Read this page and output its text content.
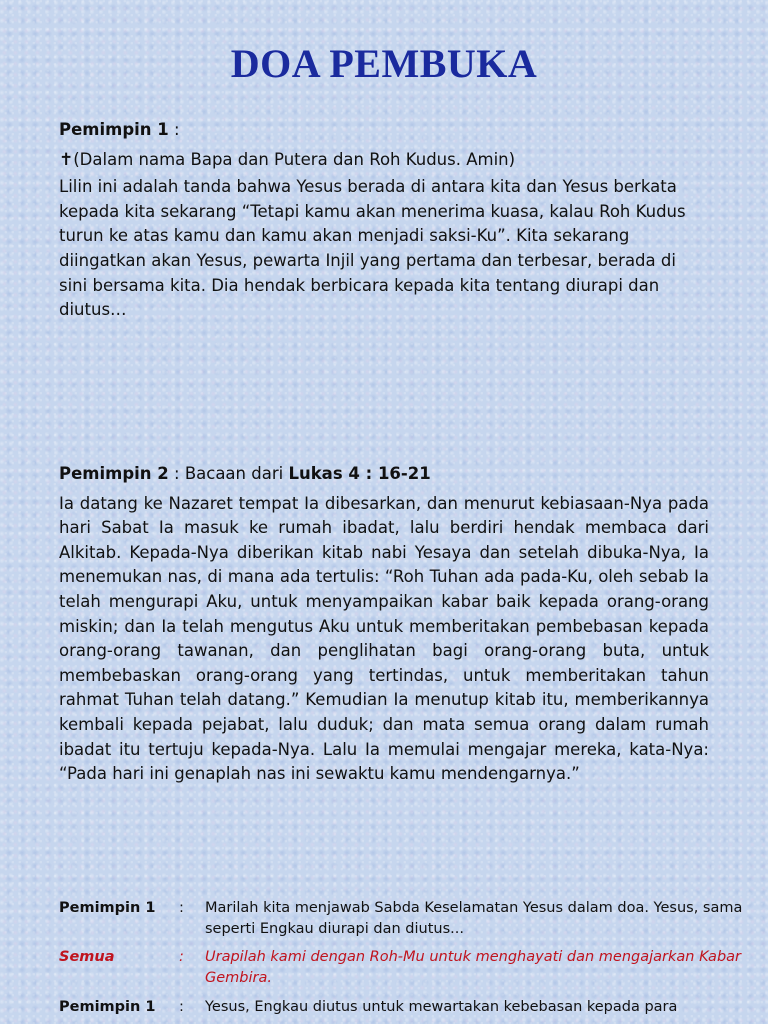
DOA PEMBUKA

Pemimpin 1 :

✝(Dalam nama Bapa dan Putera dan Roh Kudus. Amin)

Lilin ini adalah tanda bahwa Yesus berada di antara kita dan Yesus berkata kepada kita sekarang “Tetapi kamu akan menerima kuasa, kalau Roh Kudus turun ke atas kamu dan kamu akan menjadi saksi-Ku”. Kita sekarang diingatkan akan Yesus, pewarta Injil yang pertama dan terbesar, berada di sini bersama kita. Dia hendak berbicara kepada kita tentang diurapi dan diutus…

Pemimpin 2 : Bacaan dari Lukas 4 : 16-21

Ia datang ke Nazaret tempat Ia dibesarkan, dan menurut kebiasaan-Nya pada hari Sabat Ia masuk ke rumah ibadat, lalu berdiri hendak membaca dari Alkitab. Kepada-Nya diberikan kitab nabi Yesaya dan setelah dibuka-Nya, Ia menemukan nas, di mana ada tertulis: “Roh Tuhan ada pada-Ku, oleh sebab Ia telah mengurapi Aku, untuk menyampaikan kabar baik kepada orang-orang miskin; dan Ia telah mengutus Aku untuk memberitakan pembebasan kepada orang-orang tawanan, dan penglihatan bagi orang-orang buta, untuk membebaskan orang-orang yang tertindas, untuk memberitakan tahun rahmat Tuhan telah datang.” Kemudian Ia menutup kitab itu, memberikannya kembali kepada pejabat, lalu duduk; dan mata semua orang dalam rumah ibadat itu tertuju kepada-Nya. Lalu Ia memulai mengajar mereka, kata-Nya: “Pada hari ini genaplah nas ini sewaktu kamu mendengarnya.”

Pemimpin 1	:	Marilah kita menjawab Sabda Keselamatan Yesus dalam doa. Yesus, sama seperti Engkau diurapi dan diutus...
Semua	:	Urapilah kami dengan Roh-Mu untuk menghayati dan mengajarkan Kabar Gembira.
Pemimpin 1	:	Yesus, Engkau diutus untuk mewartakan kebebasan kepada para
